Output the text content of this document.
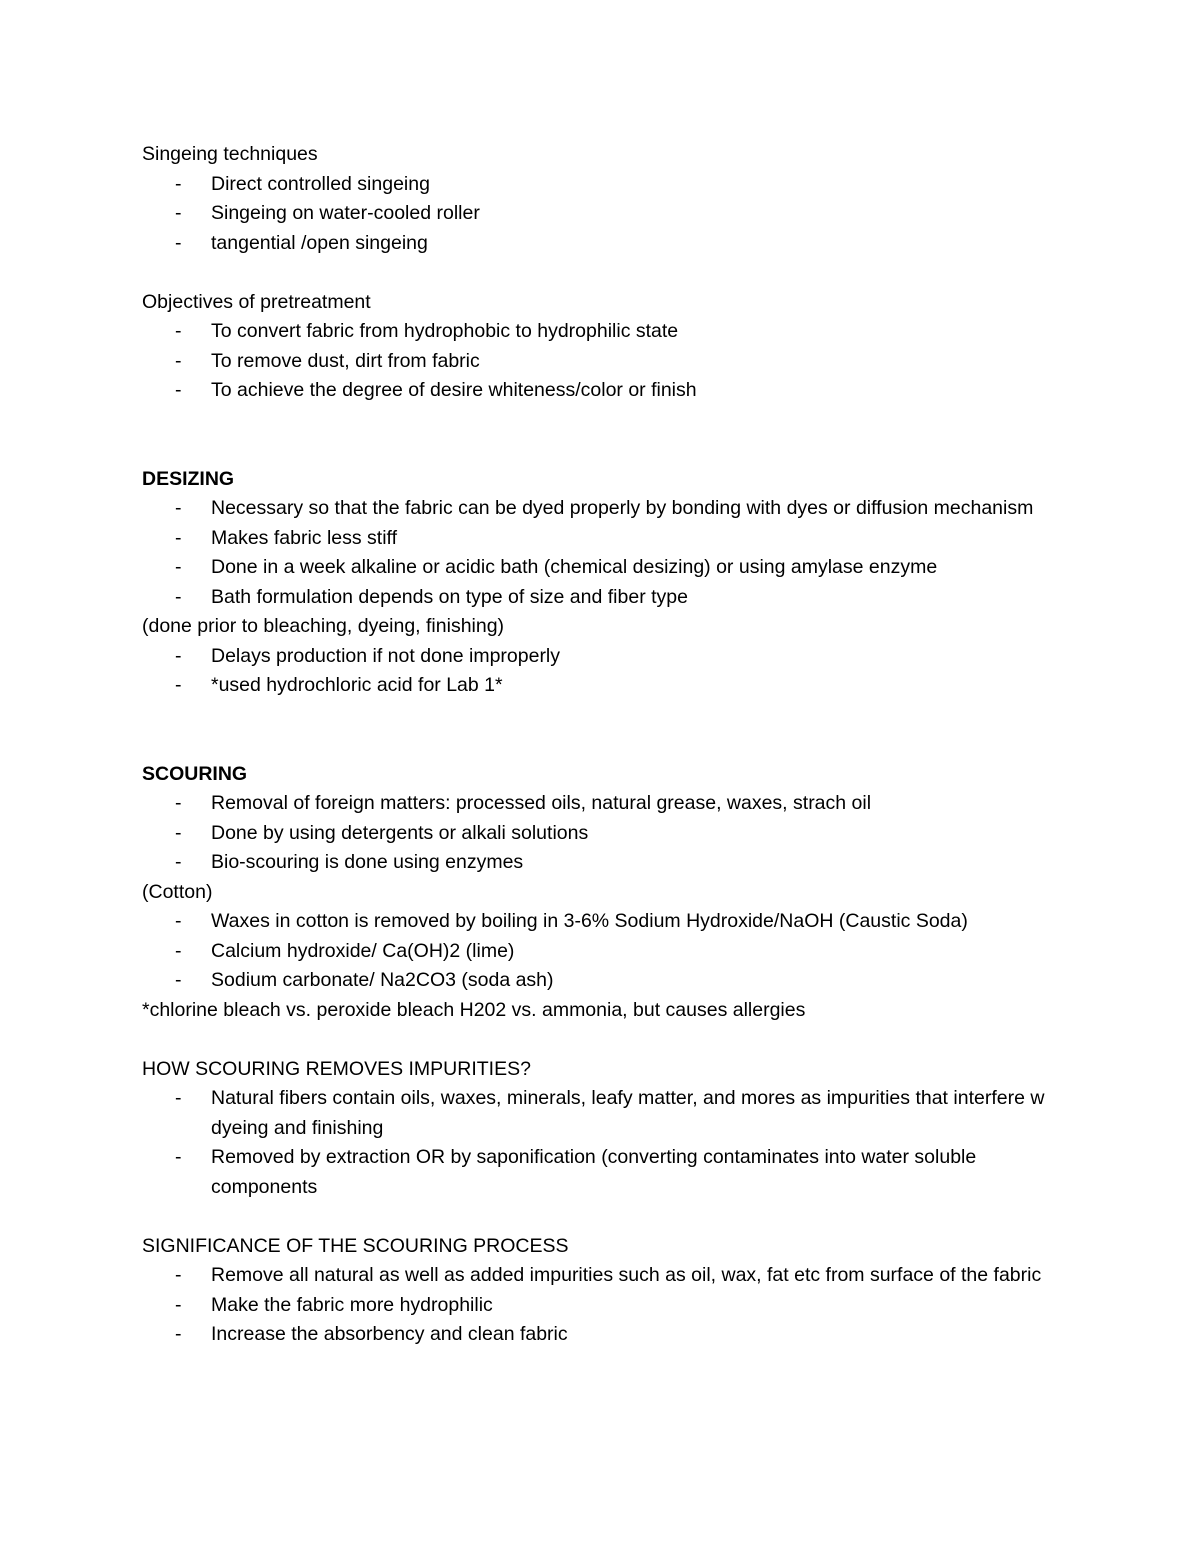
Singeing techniques

- Direct controlled singeing
- Singeing on water-cooled roller
- tangential /open singeing

Objectives of pretreatment

- To convert fabric from hydrophobic to hydrophilic state
- To remove dust, dirt from fabric
- To achieve the degree of desire whiteness/color or finish

DESIZING

- Necessary so that the fabric can be dyed properly by bonding with dyes or diffusion mechanism
- Makes fabric less stiff
- Done in a week alkaline or acidic bath (chemical desizing) or using amylase enzyme
- Bath formulation depends on type of size and fiber type

(done prior to bleaching, dyeing, finishing)

- Delays production if not done improperly
- *used hydrochloric acid for Lab 1*

SCOURING

- Removal of foreign matters: processed oils, natural grease, waxes, strach oil
- Done by using detergents or alkali solutions
- Bio-scouring is done using enzymes

(Cotton)

- Waxes in cotton is removed by boiling in 3-6% Sodium Hydroxide/NaOH (Caustic Soda)
- Calcium hydroxide/ Ca(OH)2 (lime)
- Sodium carbonate/ Na2CO3 (soda ash)

*chlorine bleach vs. peroxide bleach H202 vs. ammonia, but causes allergies

HOW SCOURING REMOVES IMPURITIES?

- Natural fibers contain oils, waxes, minerals, leafy matter, and mores as impurities that interfere w dyeing and finishing
- Removed by extraction OR by saponification (converting contaminates into water soluble components

SIGNIFICANCE OF THE SCOURING PROCESS

- Remove all natural as well as added impurities such as oil, wax, fat etc from surface of the fabric
- Make the fabric more hydrophilic
- Increase the absorbency and clean fabric
